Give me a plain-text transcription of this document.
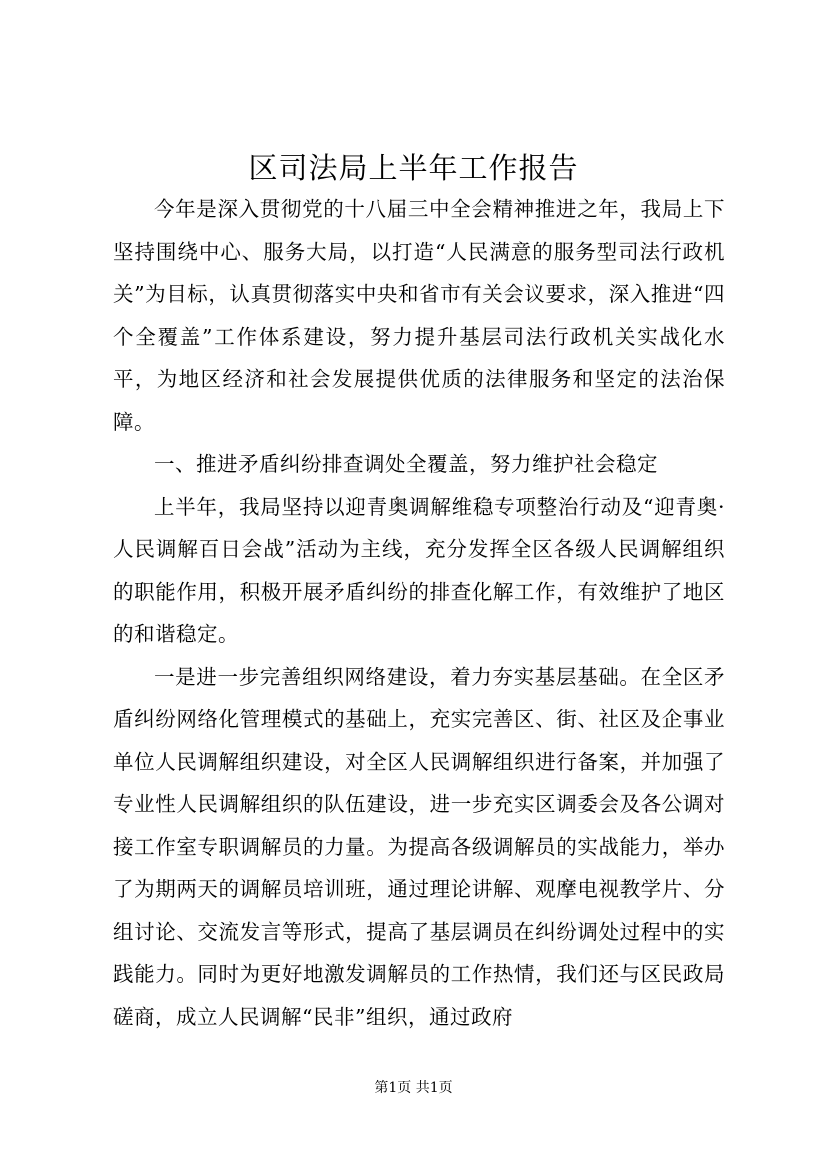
区司法局上半年工作报告

今年是深入贯彻党的十八届三中全会精神推进之年，我局上下坚持围绕中心、服务大局，以打造“人民满意的服务型司法行政机关”为目标，认真贯彻落实中央和省市有关会议要求，深入推进“四个全覆盖”工作体系建设，努力提升基层司法行政机关实战化水平，为地区经济和社会发展提供优质的法律服务和坚定的法治保障。

一、推进矛盾纠纷排查调处全覆盖，努力维护社会稳定

上半年，我局坚持以迎青奥调解维稳专项整治行动及“迎青奥·人民调解百日会战”活动为主线，充分发挥全区各级人民调解组织的职能作用，积极开展矛盾纠纷的排查化解工作，有效维护了地区的和谐稳定。

一是进一步完善组织网络建设，着力夯实基层基础。在全区矛盾纠纷网络化管理模式的基础上，充实完善区、街、社区及企事业单位人民调解组织建设，对全区人民调解组织进行备案，并加强了专业性人民调解组织的队伍建设，进一步充实区调委会及各公调对接工作室专职调解员的力量。为提高各级调解员的实战能力，举办了为期两天的调解员培训班，通过理论讲解、观摩电视教学片、分组讨论、交流发言等形式，提高了基层调员在纠纷调处过程中的实践能力。同时为更好地激发调解员的工作热情，我们还与区民政局磋商，成立人民调解“民非”组织，通过政府

第1页 共1页
